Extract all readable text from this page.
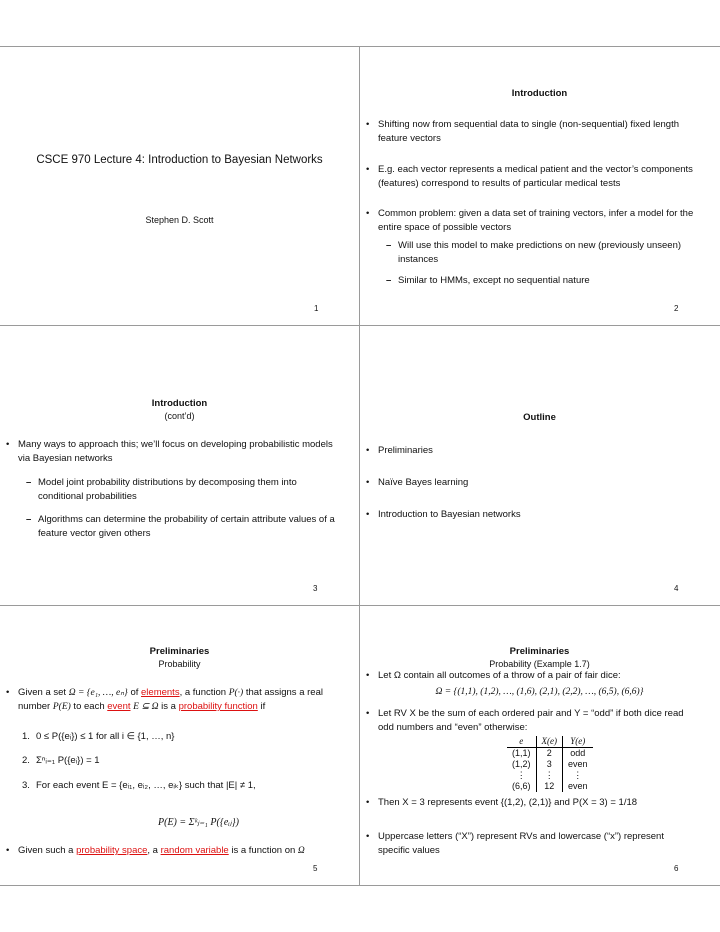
CSCE 970 Lecture 4: Introduction to Bayesian Networks
Stephen D. Scott
1
Introduction
• Shifting now from sequential data to single (non-sequential) fixed length feature vectors
• E.g. each vector represents a medical patient and the vector’s components (features) correspond to results of particular medical tests
• Common problem: given a data set of training vectors, infer a model for the entire space of possible vectors
– Will use this model to make predictions on new (previously unseen) instances
– Similar to HMMs, except no sequential nature
2
Introduction
(cont’d)
• Many ways to approach this; we’ll focus on developing probabilistic models via Bayesian networks
– Model joint probability distributions by decomposing them into conditional probabilities
– Algorithms can determine the probability of certain attribute values of a feature vector given others
3
Outline
• Preliminaries
• Naïve Bayes learning
• Introduction to Bayesian networks
4
Preliminaries
Probability
• Given a set Ω = {e₁, …, eₙ} of elements, a function P(·) that assigns a real number P(E) to each event E ⊆ Ω is a probability function if
1. 0 ≤ P({eᵢ}) ≤ 1 for all i ∈ {1, …, n}
2. Σⁿᵢ₌₁ P({eᵢ}) = 1
3. For each event E = {eᵢ₁, eᵢ₂, …, eᵢₖ} such that |E| ≠ 1,
P(E) = Σᵏⱼ₌₁ P({eᵢⱼ})
• Given such a probability space, a random variable is a function on Ω
5
Preliminaries
Probability (Example 1.7)
• Let Ω contain all outcomes of a throw of a pair of fair dice:
Ω = {(1,1), (1,2), …, (1,6), (2,1), (2,2), …, (6,5), (6,6)}
• Let RV X be the sum of each ordered pair and Y = “odd” if both dice read odd numbers and “even” otherwise:
e	X(e)	Y(e)
(1,1)	2	odd
(1,2)	3	even
⋮	⋮	⋮
(6,6)	12	even
• Then X = 3 represents event {(1,2), (2,1)} and P(X = 3) = 1/18
• Uppercase letters (“X”) represent RVs and lowercase (“x”) represent specific values
6
